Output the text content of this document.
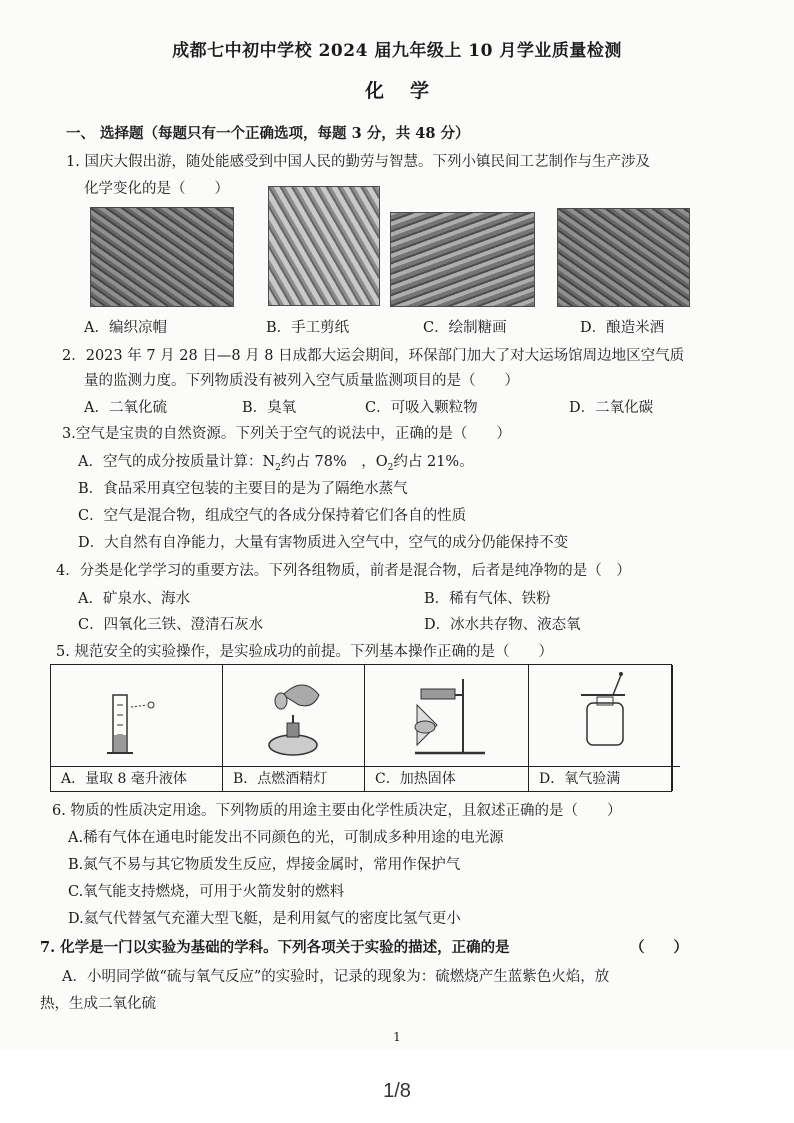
成都七中初中学校 2024 届九年级上 10 月学业质量检测
化学
一、 选择题（每题只有一个正确选项，每题 3 分，共 48 分）
1. 国庆大假出游，随处能感受到中国人民的勤劳与智慧。下列小镇民间工艺制作与生产涉及
化学变化的是（　　）
A．编织凉帽	B．手工剪纸	C．绘制糖画	D．酿造米酒
2．2023 年 7 月 28 日—8 月 8 日成都大运会期间，环保部门加大了对大运场馆周边地区空气质
量的监测力度。下列物质没有被列入空气质量监测项目的是（　　）
A．二氧化硫	B．臭氧	C．可吸入颗粒物	D．二氧化碳
3.空气是宝贵的自然资源。下列关于空气的说法中，正确的是（　　）
A．空气的成分按质量计算：$N_2$约占 78%　，$O_2$约占 21%。
B．食品采用真空包装的主要目的是为了隔绝水蒸气
C．空气是混合物，组成空气的各成分保持着它们各自的性质
D．大自然有自净能力，大量有害物质进入空气中，空气的成分仍能保持不变
4．分类是化学学习的重要方法。下列各组物质，前者是混合物，后者是纯净物的是（　）
A．矿泉水、海水	B．稀有气体、铁粉
C．四氧化三铁、澄清石灰水	D．冰水共存物、液态氧
5. 规范安全的实验操作，是实验成功的前提。下列基本操作正确的是（　　）
A．量取 8 毫升液体	B．点燃酒精灯	C．加热固体	D．氧气验满
6. 物质的性质决定用途。下列物质的用途主要由化学性质决定，且叙述正确的是（　　）
A.稀有气体在通电时能发出不同颜色的光，可制成多种用途的电光源
B.氮气不易与其它物质发生反应，焊接金属时，常用作保护气
C.氧气能支持燃烧，可用于火箭发射的燃料
D.氦气代替氢气充灌大型飞艇，是利用氦气的密度比氢气更小
7. 化学是一门以实验为基础的学科。下列各项关于实验的描述，正确的是	（　　）
A．小明同学做“硫与氧气反应”的实验时，记录的现象为：硫燃烧产生蓝紫色火焰，放
热，生成二氧化硫
1
1/8
